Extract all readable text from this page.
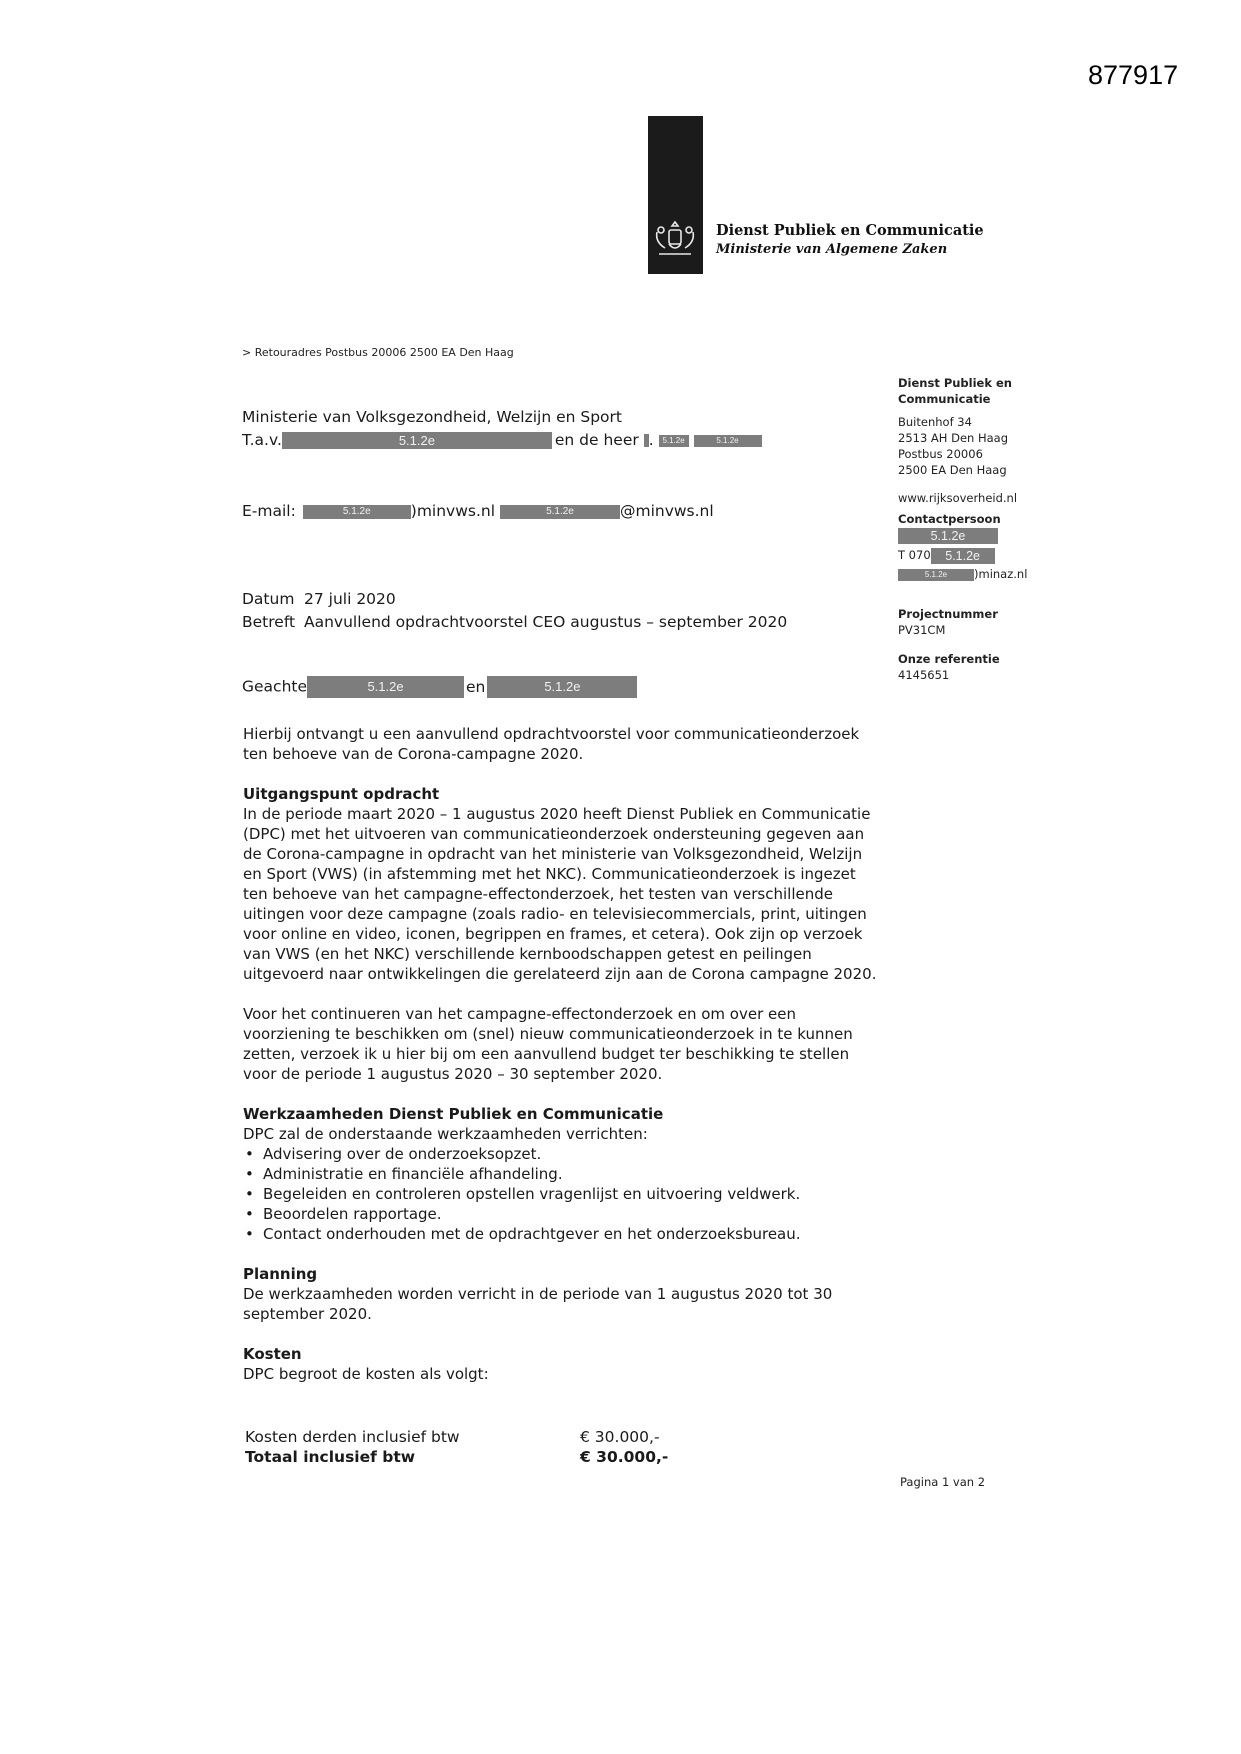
877917
Dienst Publiek en Communicatie
Ministerie van Algemene Zaken
> Retouradres Postbus 20006 2500 EA Den Haag
Ministerie van Volksgezondheid, Welzijn en Sport
T.a.v.	5.1.2e	en de heer . 5.1.2e	5.1.2e
E-mail:	5.1.2e	)minvws.nl	5.1.2e	@minvws.nl
Dienst Publiek en
Communicatie
Buitenhof 34
2513 AH Den Haag
Postbus 20006
2500 EA Den Haag
www.rijksoverheid.nl
Contactpersoon
5.1.2e
T 070 5.1.2e
5.1.2e )minaz.nl
Projectnummer
PV31CM
Onze referentie
4145651
Datum 27 juli 2020
Betreft Aanvullend opdrachtvoorstel CEO augustus – september 2020
Geachte	5.1.2e	en	5.1.2e

Hierbij ontvangt u een aanvullend opdrachtvoorstel voor communicatieonderzoek ten behoeve van de Corona-campagne 2020.

Uitgangspunt opdracht

In de periode maart 2020 – 1 augustus 2020 heeft Dienst Publiek en Communicatie (DPC) met het uitvoeren van communicatieonderzoek ondersteuning gegeven aan de Corona-campagne in opdracht van het ministerie van Volksgezondheid, Welzijn en Sport (VWS) (in afstemming met het NKC). Communicatieonderzoek is ingezet ten behoeve van het campagne-effectonderzoek, het testen van verschillende uitingen voor deze campagne (zoals radio- en televisiecommercials, print, uitingen voor online en video, iconen, begrippen en frames, et cetera). Ook zijn op verzoek van VWS (en het NKC) verschillende kernboodschappen getest en peilingen uitgevoerd naar ontwikkelingen die gerelateerd zijn aan de Corona campagne 2020.

Voor het continueren van het campagne-effectonderzoek en om over een voorziening te beschikken om (snel) nieuw communicatieonderzoek in te kunnen zetten, verzoek ik u hier bij om een aanvullend budget ter beschikking te stellen voor de periode 1 augustus 2020 – 30 september 2020.

Werkzaamheden Dienst Publiek en Communicatie

DPC zal de onderstaande werkzaamheden verrichten:

• Advisering over de onderzoeksopzet.
• Administratie en financiële afhandeling.
• Begeleiden en controleren opstellen vragenlijst en uitvoering veldwerk.
• Beoordelen rapportage.
• Contact onderhouden met de opdrachtgever en het onderzoeksbureau.

Planning

De werkzaamheden worden verricht in de periode van 1 augustus 2020 tot 30 september 2020.

Kosten

DPC begroot de kosten als volgt:

Kosten derden inclusief btw	€ 30.000,-
Totaal inclusief btw	€ 30.000,-
Pagina 1 van 2
